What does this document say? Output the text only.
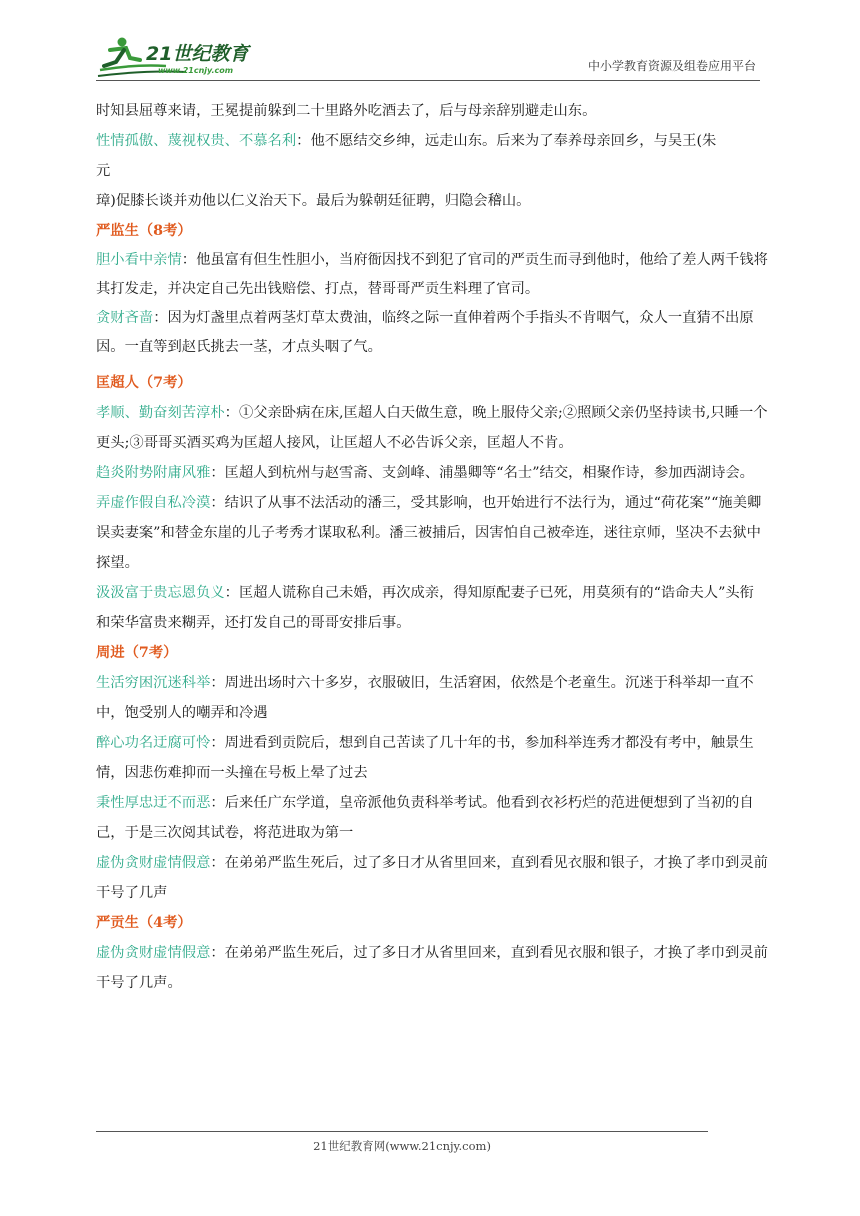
21世纪教育
www.21cnjy.com	中小学教育资源及组卷应用平台

时知县屈尊来请，王冕提前躲到二十里路外吃酒去了，后与母亲辞别避走山东。

性情孤傲、蔑视权贵、不慕名利：他不愿结交乡绅，远走山东。后来为了奉养母亲回乡，与吴王(朱
元

璋)促膝长谈并劝他以仁义治天下。最后为躲朝廷征聘，归隐会稽山。

严监生（8考）

胆小看中亲情：他虽富有但生性胆小，当府衙因找不到犯了官司的严贡生而寻到他时，他给了差人两千钱将其打发走，并决定自己先出钱赔偿、打点，替哥哥严贡生料理了官司。

贪财吝啬：因为灯盏里点着两茎灯草太费油，临终之际一直伸着两个手指头不肯咽气，众人一直猜不出原因。一直等到赵氏挑去一茎，才点头咽了气。

匡超人（7考）

孝顺、勤奋刻苦淳朴：①父亲卧病在床,匡超人白天做生意，晚上服侍父亲;②照顾父亲仍坚持读书,只睡一个更头;③哥哥买酒买鸡为匡超人接风，让匡超人不必告诉父亲，匡超人不肯。

趋炎附势附庸风雅：匡超人到杭州与赵雪斋、支剑峰、浦墨卿等“名士”结交，相聚作诗，参加西湖诗会。

弄虚作假自私冷漠：结识了从事不法活动的潘三，受其影响，也开始进行不法行为，通过“荷花案”“施美卿误卖妻案”和替金东崖的儿子考秀才谋取私利。潘三被捕后，因害怕自己被牵连，迷往京师，坚决不去狱中探望。

汲汲富于贵忘恩负义：匡超人谎称自己未婚，再次成亲，得知原配妻子已死，用莫须有的“诰命夫人”头衔和荣华富贵来糊弄，还打发自己的哥哥安排后事。

周进（7考）

生活穷困沉迷科举：周进出场时六十多岁，衣服破旧，生活窘困，依然是个老童生。沉迷于科举却一直不中，饱受别人的嘲弄和冷遇

醉心功名迂腐可怜：周进看到贡院后，想到自己苦读了几十年的书，参加科举连秀才都没有考中，触景生情，因悲伤难抑而一头撞在号板上晕了过去

秉性厚忠迂不而恶：后来任广东学道，皇帝派他负责科举考试。他看到衣衫朽烂的范进便想到了当初的自己，于是三次阅其试卷，将范进取为第一

虚伪贪财虚情假意：在弟弟严监生死后，过了多日才从省里回来，直到看见衣服和银子，才换了孝巾到灵前干号了几声

严贡生（4考）

虚伪贪财虚情假意：在弟弟严监生死后，过了多日才从省里回来，直到看见衣服和银子，才换了孝巾到灵前干号了几声。

21世纪教育网(www.21cnjy.com)
